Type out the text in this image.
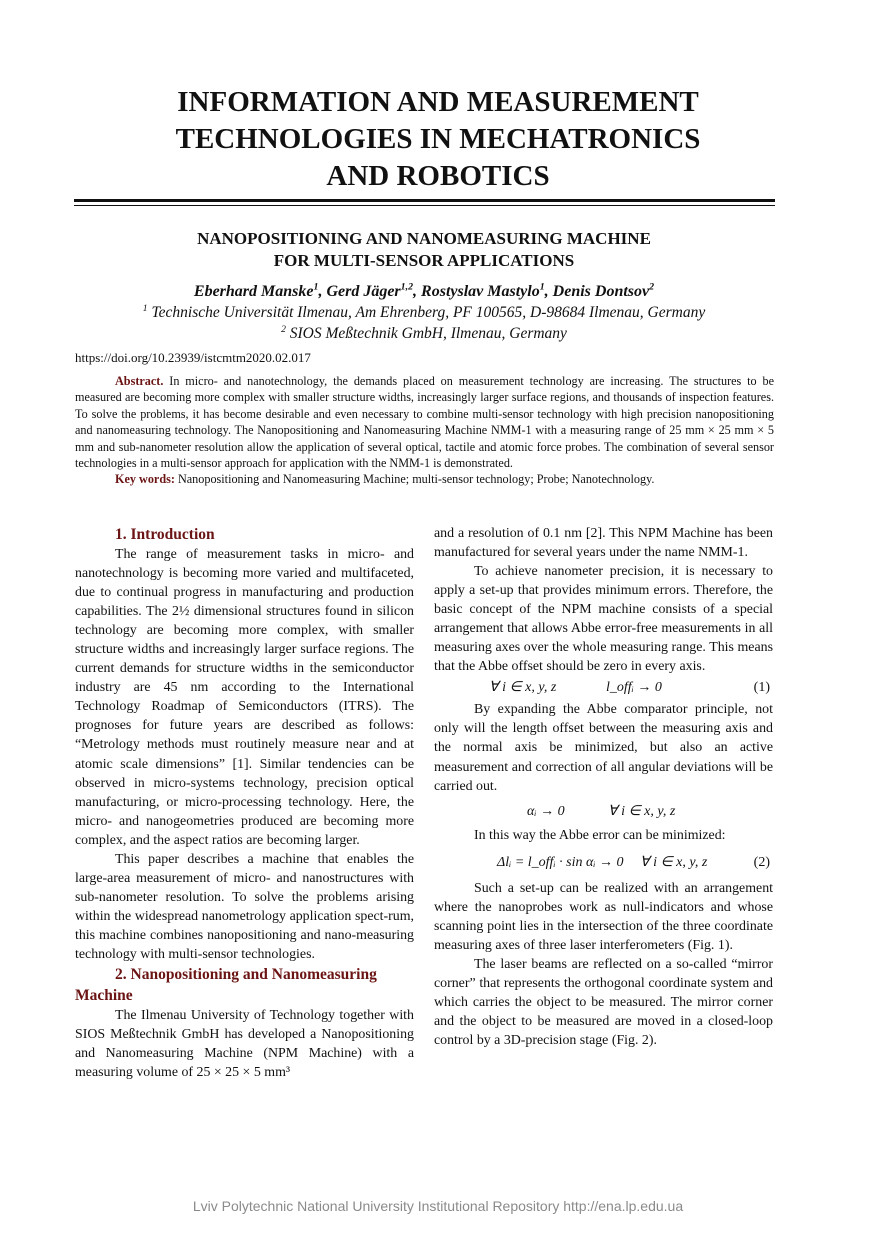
INFORMATION AND MEASUREMENT
TECHNOLOGIES IN MECHATRONICS
AND ROBOTICS
NANOPOSITIONING AND NANOMEASURING MACHINE
FOR MULTI-SENSOR APPLICATIONS
Eberhard Manske$^1$, Gerd Jäger$^{1,2}$, Rostyslav Mastylo$^1$, Denis Dontsov$^2$
$^1$ Technische Universität Ilmenau, Am Ehrenberg, PF 100565, D-98684 Ilmenau, Germany
$^2$ SIOS Meßtechnik GmbH, Ilmenau, Germany
https://doi.org/10.23939/istcmtm2020.02.017

Abstract. In micro- and nanotechnology, the demands placed on measurement technology are increasing. The structures to be measured are becoming more complex with smaller structure widths, increasingly larger surface regions, and thousands of inspection features. To solve the problems, it has become desirable and even necessary to combine multi-sensor technology with high precision nanopositioning and nanomeasuring technology. The Nanopositioning and Nanomeasuring Machine NMM-1 with a measuring range of 25 mm × 25 mm × 5 mm and sub-nanometer resolution allow the application of several optical, tactile and atomic force probes. The combination of several sensor technologies in a multi-sensor approach for application with the NMM-1 is demonstrated.

Key words: Nanopositioning and Nanomeasuring Machine; multi-sensor technology; Probe; Nanotechnology.

1. Introduction

The range of measurement tasks in micro- and nanotechnology is becoming more varied and multifaceted, due to continual progress in manufacturing and production capabilities. The 2½ dimensional structures found in silicon technology are becoming more complex, with smaller structure widths and increasingly larger surface regions. The current demands for structure widths in the semiconductor industry are 45 nm according to the International Technology Roadmap of Semiconductors (ITRS). The prognoses for future years are described as follows: “Metrology methods must routinely measure near and at atomic scale dimensions” [1]. Similar tendencies can be observed in micro-systems technology, precision optical manufacturing, or micro-processing technology. Here, the micro- and nanogeometries produced are becoming more complex, and the aspect ratios are becoming larger.

This paper describes a machine that enables the large-area measurement of micro- and nanostructures with sub-nanometer resolution. To solve the problems arising within the widespread nanometrology application spect-rum, this machine combines nanopositioning and nano-measuring technology with multi-sensor technologies.

2. Nanopositioning and Nanomeasuring Machine

The Ilmenau University of Technology together with SIOS Meßtechnik GmbH has developed a Nanopositioning and Nanomeasuring Machine (NPM Machine) with a measuring volume of 25 × 25 × 5 mm³

and a resolution of 0.1 nm [2]. This NPM Machine has been manufactured for several years under the name NMM-1.

To achieve nanometer precision, it is necessary to apply a set-up that provides minimum errors. Therefore, the basic concept of the NPM machine consists of a special arrangement that allows Abbe error-free measurements in all measuring axes over the whole measuring range. This means that the Abbe offset should be zero in every axis.

∀ i ∈ x, y, z	l_offᵢ → 0	(1)

By expanding the Abbe comparator principle, not only will the length offset between the measuring axis and the normal axis be minimized, but also an active measurement and correction of all angular deviations will be carried out.

αᵢ → 0	∀ i ∈ x, y, z

In this way the Abbe error can be minimized:

Δlᵢ = l_offᵢ · sin αᵢ → 0 ∀ i ∈ x, y, z	(2)

Such a set-up can be realized with an arrangement where the nanoprobes work as null-indicators and whose scanning point lies in the intersection of the three coordinate measuring axes of three laser interferometers (Fig. 1).

The laser beams are reflected on a so-called “mirror corner” that represents the orthogonal coordinate system and which carries the object to be measured. The mirror corner and the object to be measured are moved in a closed-loop control by a 3D-precision stage (Fig. 2).

Lviv Polytechnic National University Institutional Repository http://ena.lp.edu.ua
